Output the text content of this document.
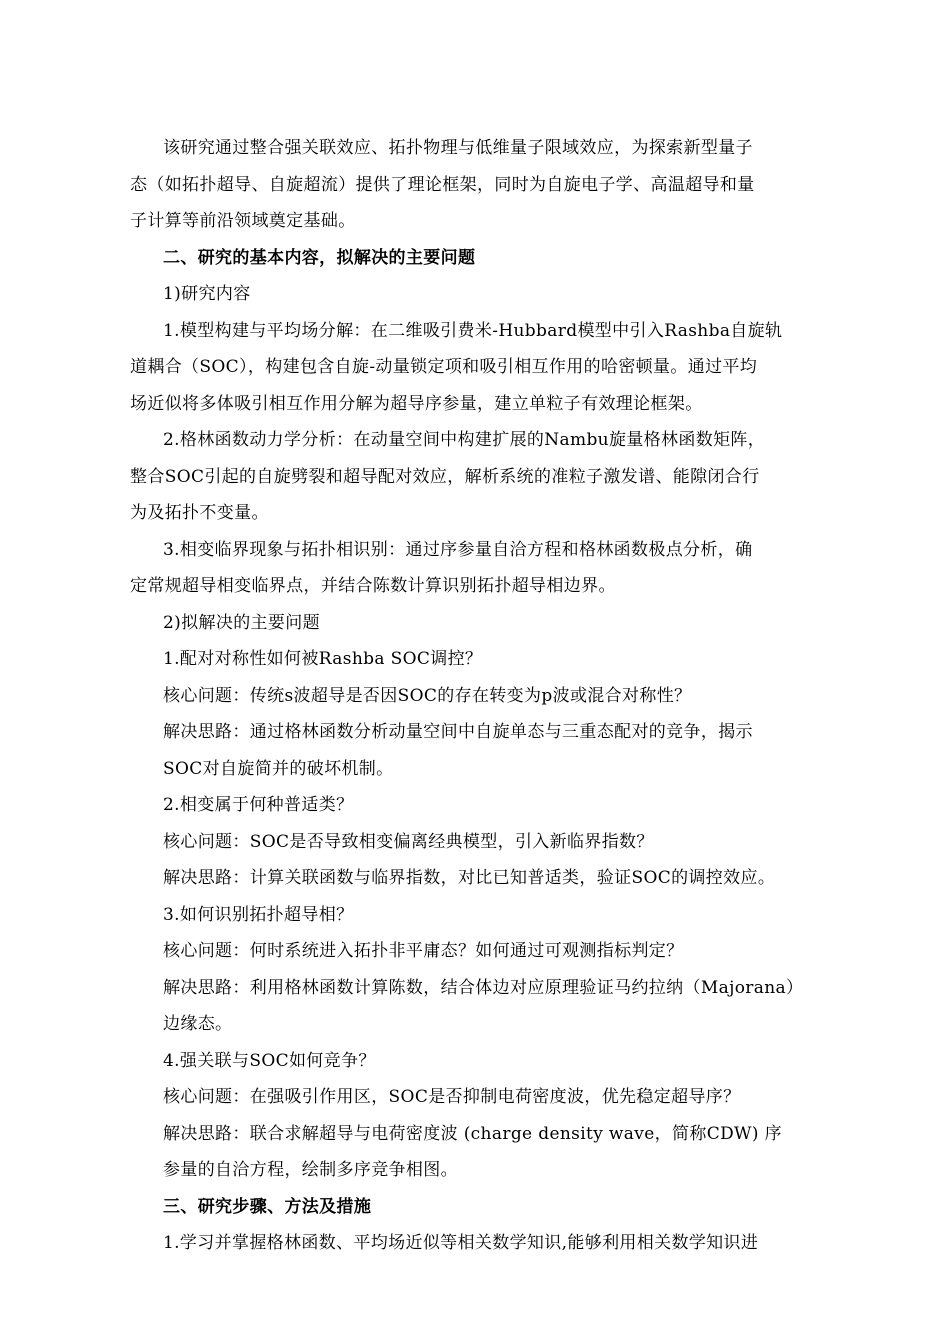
该研究通过整合强关联效应、拓扑物理与低维量子限域效应，为探索新型量子
态（如拓扑超导、自旋超流）提供了理论框架，同时为自旋电子学、高温超导和量
子计算等前沿领域奠定基础。
二、研究的基本内容，拟解决的主要问题
1)研究内容
1.模型构建与平均场分解：在二维吸引费米-Hubbard模型中引入Rashba自旋轨
道耦合（SOC），构建包含自旋-动量锁定项和吸引相互作用的哈密顿量。通过平均
场近似将多体吸引相互作用分解为超导序参量，建立单粒子有效理论框架。
2.格林函数动力学分析：在动量空间中构建扩展的Nambu旋量格林函数矩阵，
整合SOC引起的自旋劈裂和超导配对效应，解析系统的准粒子激发谱、能隙闭合行
为及拓扑不变量。
3.相变临界现象与拓扑相识别：通过序参量自洽方程和格林函数极点分析，确
定常规超导相变临界点，并结合陈数计算识别拓扑超导相边界。
2)拟解决的主要问题
1.配对对称性如何被Rashba SOC调控？
核心问题：传统s波超导是否因SOC的存在转变为p波或混合对称性？
解决思路：通过格林函数分析动量空间中自旋单态与三重态配对的竞争，揭示
SOC对自旋简并的破坏机制。
2.相变属于何种普适类？
核心问题：SOC是否导致相变偏离经典模型，引入新临界指数？
解决思路：计算关联函数与临界指数，对比已知普适类，验证SOC的调控效应。
3.如何识别拓扑超导相？
核心问题：何时系统进入拓扑非平庸态？如何通过可观测指标判定？
解决思路：利用格林函数计算陈数，结合体边对应原理验证马约拉纳（Majorana）
边缘态。
4.强关联与SOC如何竞争？
核心问题：在强吸引作用区，SOC是否抑制电荷密度波，优先稳定超导序？
解决思路：联合求解超导与电荷密度波 (charge density wave，简称CDW) 序
参量的自洽方程，绘制多序竞争相图。
三、研究步骤、方法及措施
1.学习并掌握格林函数、平均场近似等相关数学知识,能够利用相关数学知识进
